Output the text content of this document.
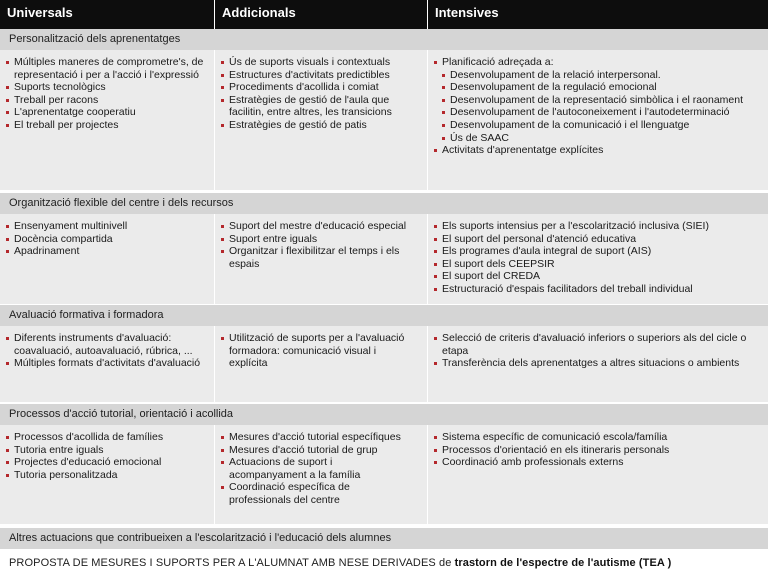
Universals	Addicionals	Intensives
Personalització dels aprenentatges
Múltiples maneres de comprometre's, de representació i per a l'acció i l'expressió
Suports tecnològics
Treball per racons
L'aprenentatge cooperatiu
El treball per projectes
Ús de suports visuals i contextuals
Estructures d'activitats predictibles
Procediments d'acollida i comiat
Estratègies de gestió de l'aula que facilitin, entre altres, les transicions
Estratègies de gestió de patis
Planificació adreçada a:
Desenvolupament de la relació interpersonal.
Desenvolupament de la regulació emocional
Desenvolupament de la representació simbòlica i el raonament
Desenvolupament de l'autoconeixement i l'autodeterminació
Desenvolupament de la comunicació i el llenguatge
Ús de SAAC
Activitats d'aprenentatge explícites
Organització flexible del centre i dels recursos
Ensenyament multinivell
Docència compartida
Apadrinament
Suport del mestre d'educació especial
Suport entre iguals
Organitzar i flexibilitzar el temps i els espais
Els suports intensius per a l'escolarització inclusiva (SIEI)
El suport del personal d'atenció educativa
Els programes d'aula integral de suport (AIS)
El suport dels CEEPSIR
El suport del CREDA
Estructuració d'espais facilitadors del treball individual
Avaluació formativa i formadora
Diferents instruments d'avaluació: coavaluació, autoavaluació, rúbrica, ...
Múltiples formats d'activitats d'avaluació
Utilització de suports per a l'avaluació formadora: comunicació visual i explícita
Selecció de criteris d'avaluació inferiors o superiors als del cicle o etapa
Transferència dels aprenentatges a altres situacions o ambients
Processos d'acció tutorial, orientació i acollida
Processos d'acollida de famílies
Tutoria entre iguals
Projectes d'educació emocional
Tutoria personalitzada
Mesures d'acció tutorial específiques
Mesures d'acció tutorial de grup
Actuacions de suport i acompanyament a la família
Coordinació específica de professionals del centre
Sistema específic de comunicació escola/família
Processos d'orientació en els itineraris personals
Coordinació amb professionals externs
Altres actuacions que contribueixen a l'escolarització i l'educació dels alumnes
PROPOSTA DE MESURES I SUPORTS PER A L'ALUMNAT AMB NESE DERIVADES de trastorn de l'espectre de l'autisme (TEA )
